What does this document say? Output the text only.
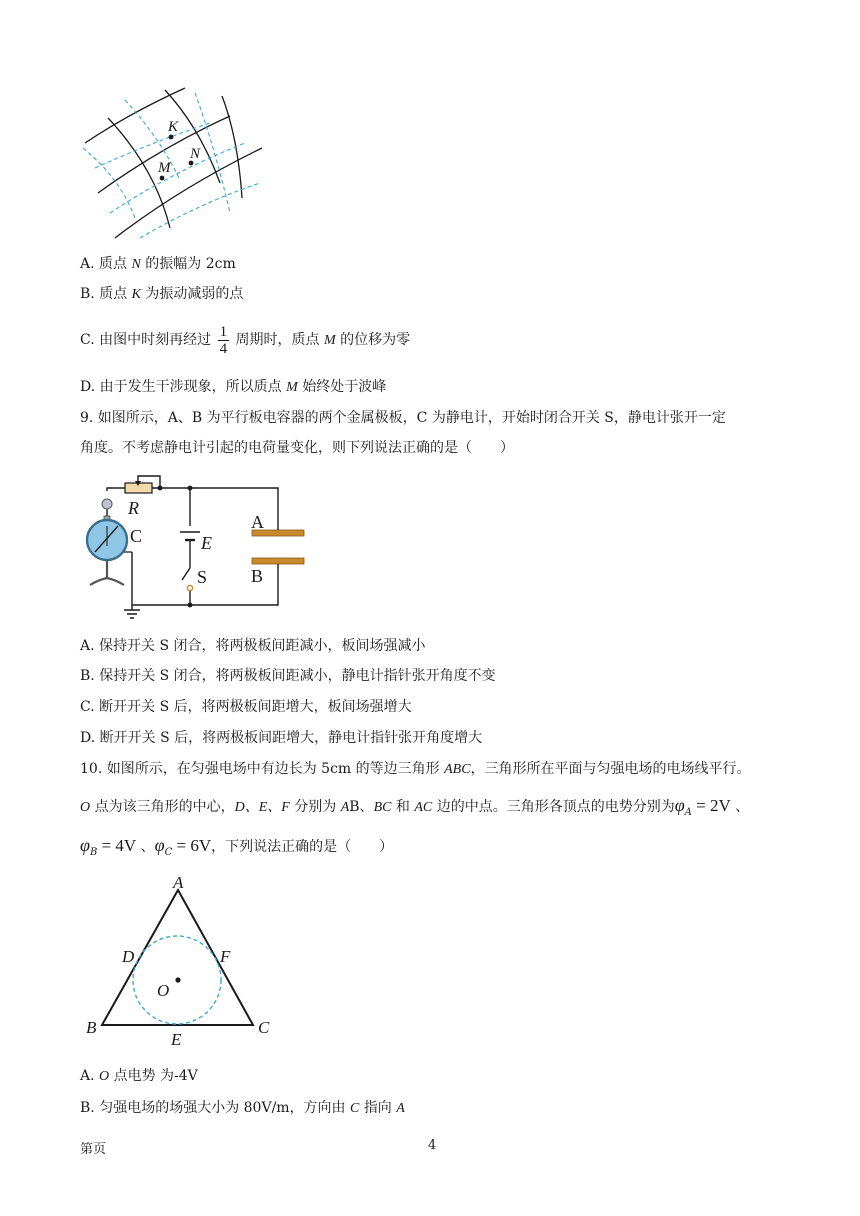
K
M
N
A. 质点 N 的振幅为 2cm
B. 质点 K 为振动减弱的点
C. 由图中时刻再经过 $\frac{1}{4}$ 周期时，质点 M 的位移为零
D. 由于发生干涉现象，所以质点 M 始终处于波峰
9. 如图所示，A、B 为平行板电容器的两个金属极板，C 为静电计，开始时闭合开关 S，静电计张开一定
角度。不考虑静电计引起的电荷量变化，则下列说法正确的是（　　）
R
C	E
S
A
B
A. 保持开关 S 闭合，将两极板间距减小，板间场强减小
B. 保持开关 S 闭合，将两极板间距减小，静电计指针张开角度不变
C. 断开开关 S 后，将两极板间距增大，板间场强增大
D. 断开开关 S 后，将两极板间距增大，静电计指针张开角度增大
10. 如图所示，在匀强电场中有边长为 5cm 的等边三角形 ABC，三角形所在平面与匀强电场的电场线平行。
O 点为该三角形的中心，D、E、F 分别为 AB、BC 和 AC 边的中点。三角形各顶点的电势分别为$\varphi_A = 2V$ 、
$\varphi_B = 4V$ 、$\varphi_C = 6V$，下列说法正确的是（　　）
A
B	C
D
E
F
O
A. O 点电势 为-4V
B. 匀强电场的场强大小为 80V/m，方向由 C 指向 A
第页	4
